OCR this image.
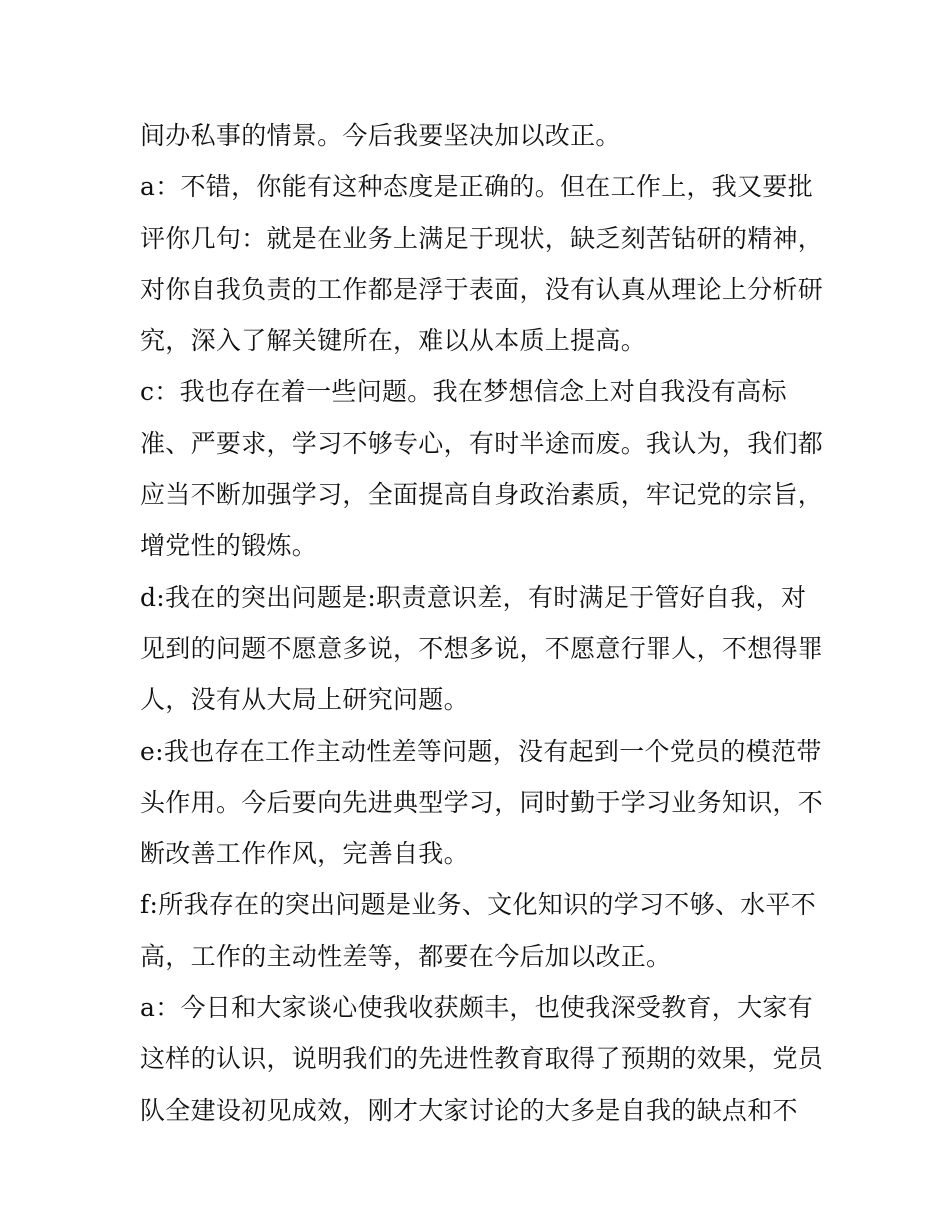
间办私事的情景。今后我要坚决加以改正。
a：不错，你能有这种态度是正确的。但在工作上，我又要批
评你几句：就是在业务上满足于现状，缺乏刻苦钻研的精神，
对你自我负责的工作都是浮于表面，没有认真从理论上分析研
究，深入了解关键所在，难以从本质上提高。
c：我也存在着一些问题。我在梦想信念上对自我没有高标
准、严要求，学习不够专心，有时半途而废。我认为，我们都
应当不断加强学习，全面提高自身政治素质，牢记党的宗旨，
增党性的锻炼。
d:我在的突出问题是:职责意识差，有时满足于管好自我，对
见到的问题不愿意多说，不想多说，不愿意行罪人，不想得罪
人，没有从大局上研究问题。
e:我也存在工作主动性差等问题，没有起到一个党员的模范带
头作用。今后要向先进典型学习，同时勤于学习业务知识，不
断改善工作作风，完善自我。
f:所我存在的突出问题是业务、文化知识的学习不够、水平不
高，工作的主动性差等，都要在今后加以改正。
a：今日和大家谈心使我收获颇丰，也使我深受教育，大家有
这样的认识，说明我们的先进性教育取得了预期的效果，党员
队全建设初见成效，刚才大家讨论的大多是自我的缺点和不
